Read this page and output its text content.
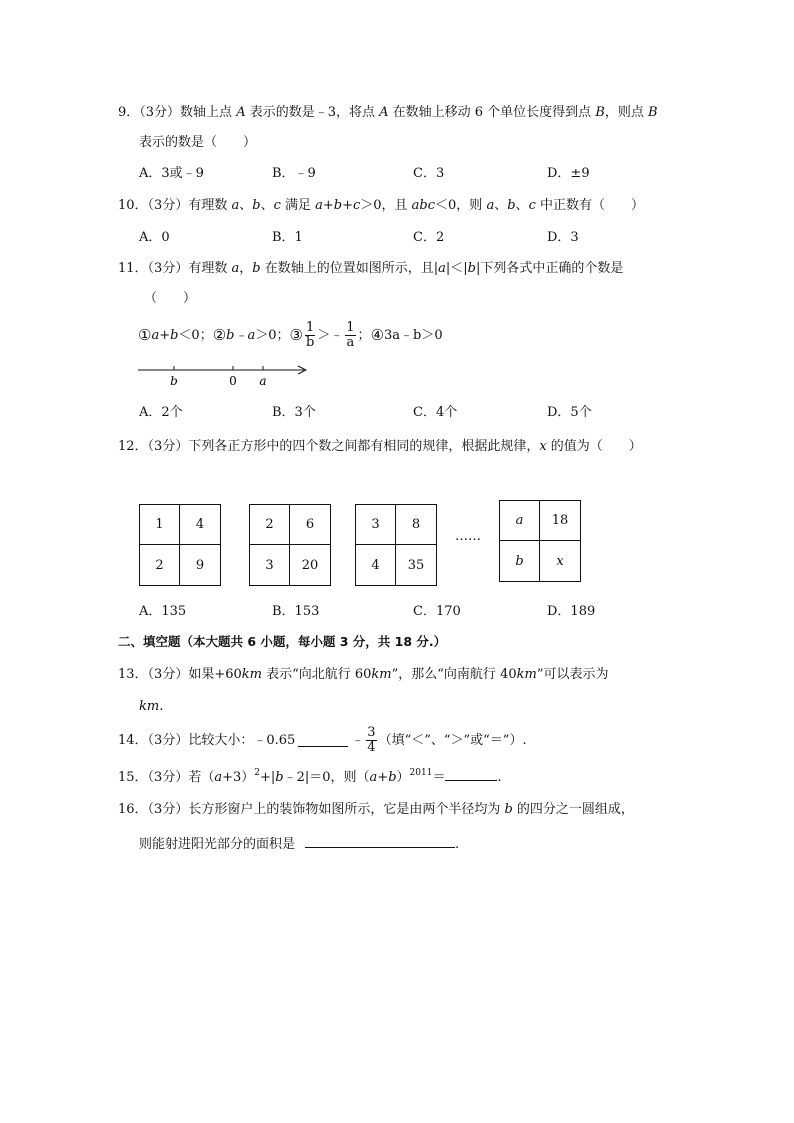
9．（3分）数轴上点 A 表示的数是﹣3，将点 A 在数轴上移动 6 个单位长度得到点 B，则点 B
表示的数是（　　）
A．3或﹣9	B．﹣9	C．3	D．±9
10．（3分）有理数 a、b、c 满足 a+b+c＞0，且 abc＜0，则 a、b、c 中正数有（　　）
A．0	B．1	C．2	D．3
11．（3分）有理数 a，b 在数轴上的位置如图所示，且|a|＜|b|下列各式中正确的个数是
（　　）
① a+b ＜0； ② b﹣a ＞0； ③ $\frac{1}{b}$ ＞﹣ $\frac{1}{a}$ ； ④ 3a﹣b ＞0
b	0 a
A．2个	B．3个	C．4个	D．5个
12．（3分）下列各正方形中的四个数之间都有相同的规律，根据此规律，x 的值为（　　）
1	4
2	9
2	6
3	20
3	8
4	35
……
a	18
b	x
A．135	B．153	C．170	D．189
二、填空题（本大题共 6 小题，每小题 3 分，共 18 分.）
13．（3分）如果+60km 表示“向北航行 60km”，那么“向南航行 40km”可以表示为
km.
14．（3分）比较大小：﹣0.65	﹣ $\frac{3}{4}$ （填“＜”、“＞”或“＝”）.
15．（3分）若$(a+3)^2+|b﹣2|=0$，则$(a+b)^{2011}=$	.
16．（3分）长方形窗户上的装饰物如图所示，它是由两个半径均为 b 的四分之一圆组成，
则能射进阳光部分的面积是	.
